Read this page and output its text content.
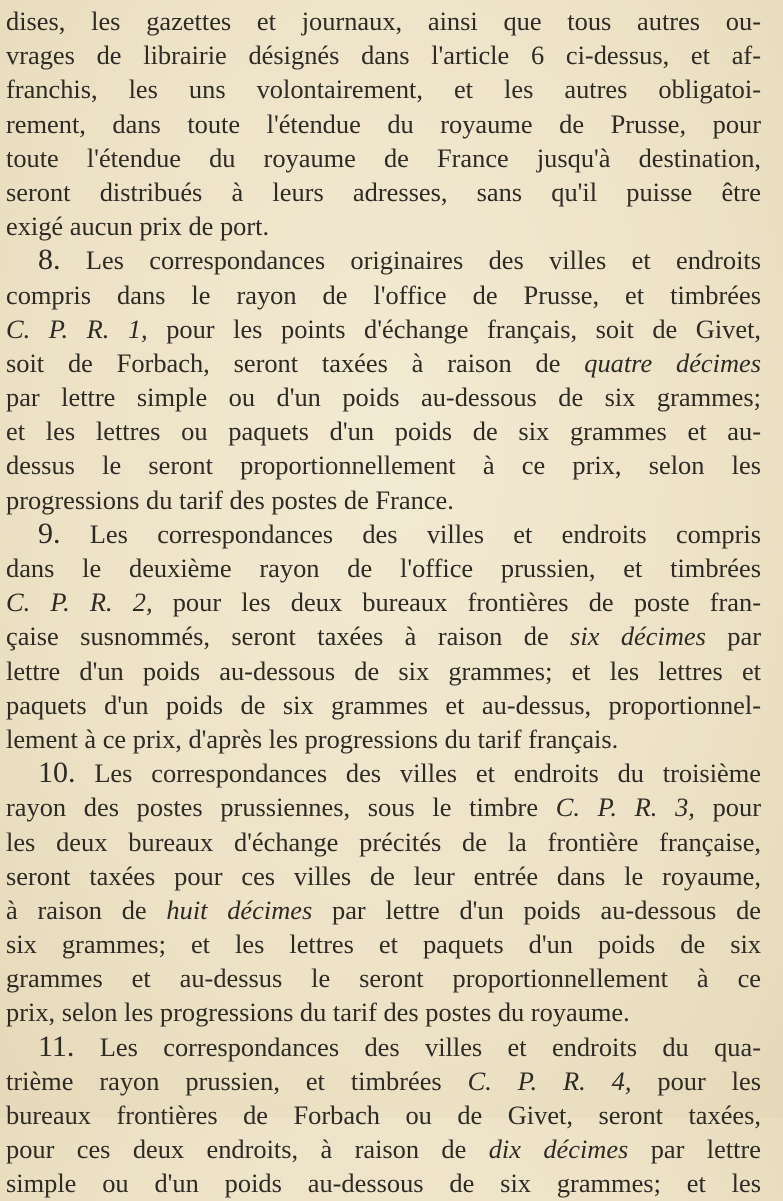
dises, les gazettes et journaux, ainsi que tous autres ou-
vrages de librairie désignés dans l'article 6 ci-dessus, et af-
franchis, les uns volontairement, et les autres obligatoi-
rement, dans toute l'étendue du royaume de Prusse, pour
toute l'étendue du royaume de France jusqu'à destination,
seront distribués à leurs adresses, sans qu'il puisse être
exigé aucun prix de port.
8. Les correspondances originaires des villes et endroits
compris dans le rayon de l'office de Prusse, et timbrées
C. P. R. 1, pour les points d'échange français, soit de Givet,
soit de Forbach, seront taxées à raison de quatre décimes
par lettre simple ou d'un poids au-dessous de six grammes;
et les lettres ou paquets d'un poids de six grammes et au-
dessus le seront proportionnellement à ce prix, selon les
progressions du tarif des postes de France.
9. Les correspondances des villes et endroits compris
dans le deuxième rayon de l'office prussien, et timbrées
C. P. R. 2, pour les deux bureaux frontières de poste fran-
çaise susnommés, seront taxées à raison de six décimes par
lettre d'un poids au-dessous de six grammes; et les lettres et
paquets d'un poids de six grammes et au-dessus, proportionnel-
lement à ce prix, d'après les progressions du tarif français.
10. Les correspondances des villes et endroits du troisième
rayon des postes prussiennes, sous le timbre C. P. R. 3, pour
les deux bureaux d'échange précités de la frontière française,
seront taxées pour ces villes de leur entrée dans le royaume,
à raison de huit décimes par lettre d'un poids au-dessous de
six grammes; et les lettres et paquets d'un poids de six
grammes et au-dessus le seront proportionnellement à ce
prix, selon les progressions du tarif des postes du royaume.
11. Les correspondances des villes et endroits du qua-
trième rayon prussien, et timbrées C. P. R. 4, pour les
bureaux frontières de Forbach ou de Givet, seront taxées,
pour ces deux endroits, à raison de dix décimes par lettre
simple ou d'un poids au-dessous de six grammes; et les
